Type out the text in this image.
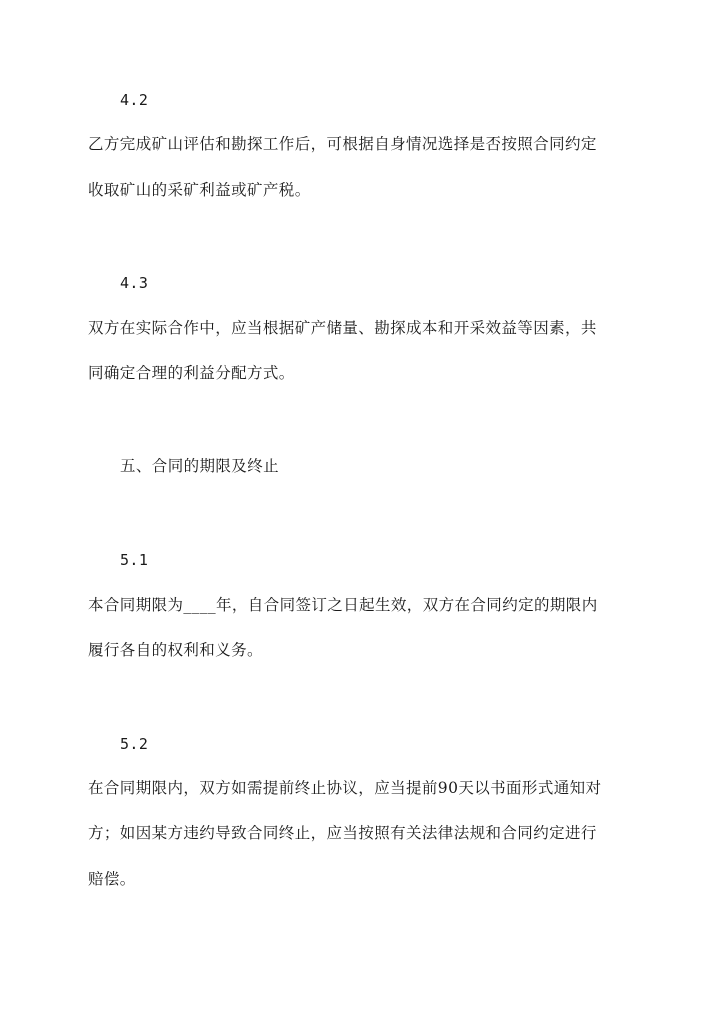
4.2
乙方完成矿山评估和勘探工作后，可根据自身情况选择是否按照合同约定
收取矿山的采矿利益或矿产税。
4.3
双方在实际合作中，应当根据矿产储量、勘探成本和开采效益等因素，共
同确定合理的利益分配方式。
五、合同的期限及终止
5.1
本合同期限为____年，自合同签订之日起生效，双方在合同约定的期限内
履行各自的权利和义务。
5.2
在合同期限内，双方如需提前终止协议，应当提前90天以书面形式通知对
方；如因某方违约导致合同终止，应当按照有关法律法规和合同约定进行
赔偿。
